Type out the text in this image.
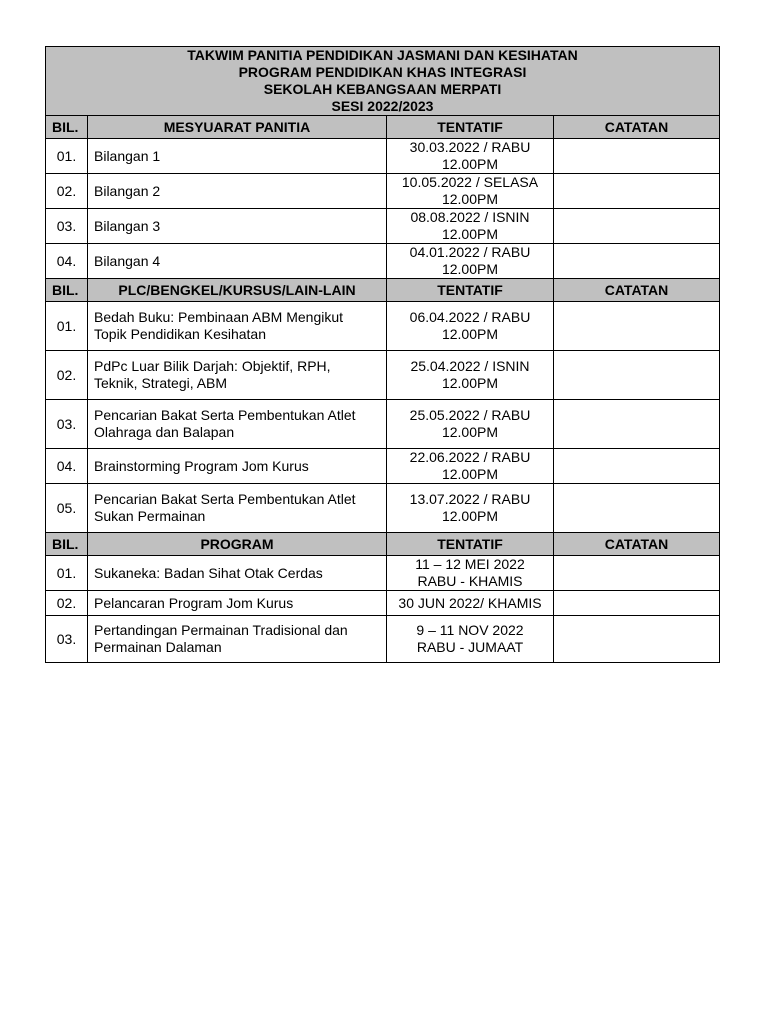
TAKWIM PANITIA PENDIDIKAN JASMANI DAN KESIHATAN
PROGRAM PENDIDIKAN KHAS INTEGRASI
SEKOLAH KEBANGSAAN MERPATI
SESI 2022/2023			

BIL.	MESYUARAT PANITIA	TENTATIF	CATATAN
01.	Bilangan 1	30.03.2022 / RABU
12.00PM	

02.	Bilangan 2	10.05.2022 / SELASA
12.00PM	

03.	Bilangan 3	08.08.2022 / ISNIN
12.00PM	

04.	Bilangan 4	04.01.2022 / RABU
12.00PM	

BIL.	PLC/BENGKEL/KURSUS/LAIN-LAIN	TENTATIF	CATATAN
01.	Bedah Buku: Pembinaan ABM Mengikut
Topik Pendidikan Kesihatan	06.04.2022 / RABU
12.00PM	

02.	PdPc Luar Bilik Darjah: Objektif, RPH,
Teknik, Strategi, ABM	25.04.2022 / ISNIN
12.00PM	

03.	Pencarian Bakat Serta Pembentukan Atlet
Olahraga dan Balapan	25.05.2022 / RABU
12.00PM	

04.	Brainstorming Program Jom Kurus	22.06.2022 / RABU
12.00PM	

05.	Pencarian Bakat Serta Pembentukan Atlet
Sukan Permainan	13.07.2022 / RABU
12.00PM	

BIL.	PROGRAM	TENTATIF	CATATAN
01.	Sukaneka: Badan Sihat Otak Cerdas	11 – 12 MEI 2022
RABU - KHAMIS	

02.	Pelancaran Program Jom Kurus	30 JUN 2022/ KHAMIS	

03.	Pertandingan Permainan Tradisional dan
Permainan Dalaman	9 – 11 NOV 2022
RABU - JUMAAT	
